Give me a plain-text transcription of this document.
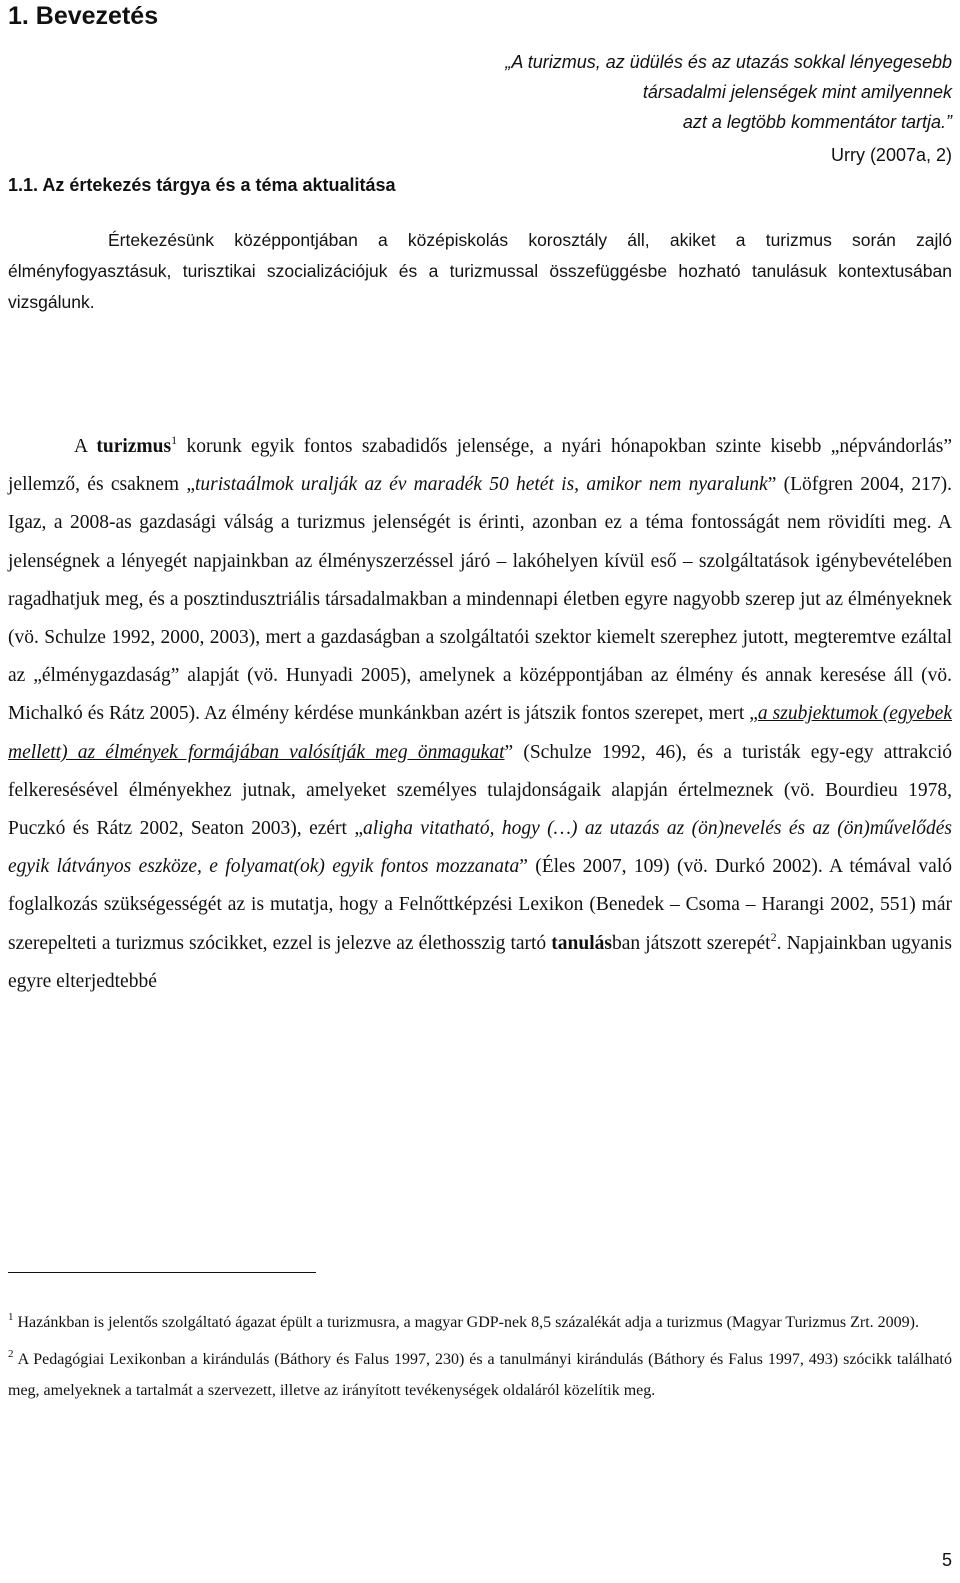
1. Bevezetés
„A turizmus, az üdülés és az utazás sokkal lényegesebb
társadalmi jelenségek mint amilyennek
azt a legtöbb kommentátor tartja.”
Urry (2007a, 2)
1.1. Az értekezés tárgya és a téma aktualitása

Értekezésünk középpontjában a középiskolás korosztály áll, akiket a turizmus során zajló élményfogyasztásuk, turisztikai szocializációjuk és a turizmussal összefüggésbe hozható tanulásuk kontextusában vizsgálunk.

A turizmus$^1$ korunk egyik fontos szabadidős jelensége, a nyári hónapokban szinte kisebb „népvándorlás” jellemző, és csaknem „turistaálmok uralják az év maradék 50 hetét is, amikor nem nyaralunk” (Löfgren 2004, 217). Igaz, a 2008-as gazdasági válság a turizmus jelenségét is érinti, azonban ez a téma fontosságát nem rövidíti meg. A jelenségnek a lényegét napjainkban az élményszerzéssel járó – lakóhelyen kívül eső – szolgáltatások igénybevételében ragadhatjuk meg, és a posztindusztriális társadalmakban a mindennapi életben egyre nagyobb szerep jut az élményeknek (vö. Schulze 1992, 2000, 2003), mert a gazdaságban a szolgáltatói szektor kiemelt szerephez jutott, megteremtve ezáltal az „élménygazdaság” alapját (vö. Hunyadi 2005), amelynek a középpontjában az élmény és annak keresése áll (vö. Michalkó és Rátz 2005). Az élmény kérdése munkánkban azért is játszik fontos szerepet, mert „a szubjektumok (egyebek mellett) az élmények formájában valósítják meg önmagukat” (Schulze 1992, 46), és a turisták egy-egy attrakció felkeresésével élményekhez jutnak, amelyeket személyes tulajdonságaik alapján értelmeznek (vö. Bourdieu 1978, Puczkó és Rátz 2002, Seaton 2003), ezért „aligha vitatható, hogy (…) az utazás az (ön)nevelés és az (ön)művelődés egyik látványos eszköze, e folyamat(ok) egyik fontos mozzanata” (Éles 2007, 109) (vö. Durkó 2002). A témával való foglalkozás szükségességét az is mutatja, hogy a Felnőttképzési Lexikon (Benedek – Csoma – Harangi 2002, 551) már szerepelteti a turizmus szócikket, ezzel is jelezve az élethosszig tartó tanulásban játszott szerepét$^2$. Napjainkban ugyanis egyre elterjedtebbé

$^1$ Hazánkban is jelentős szolgáltató ágazat épült a turizmusra, a magyar GDP-nek 8,5 százalékát adja a turizmus (Magyar Turizmus Zrt. 2009).

$^2$ A Pedagógiai Lexikonban a kirándulás (Báthory és Falus 1997, 230) és a tanulmányi kirándulás (Báthory és Falus 1997, 493) szócikk található meg, amelyeknek a tartalmát a szervezett, illetve az irányított tevékenységek oldaláról közelítik meg.

5
